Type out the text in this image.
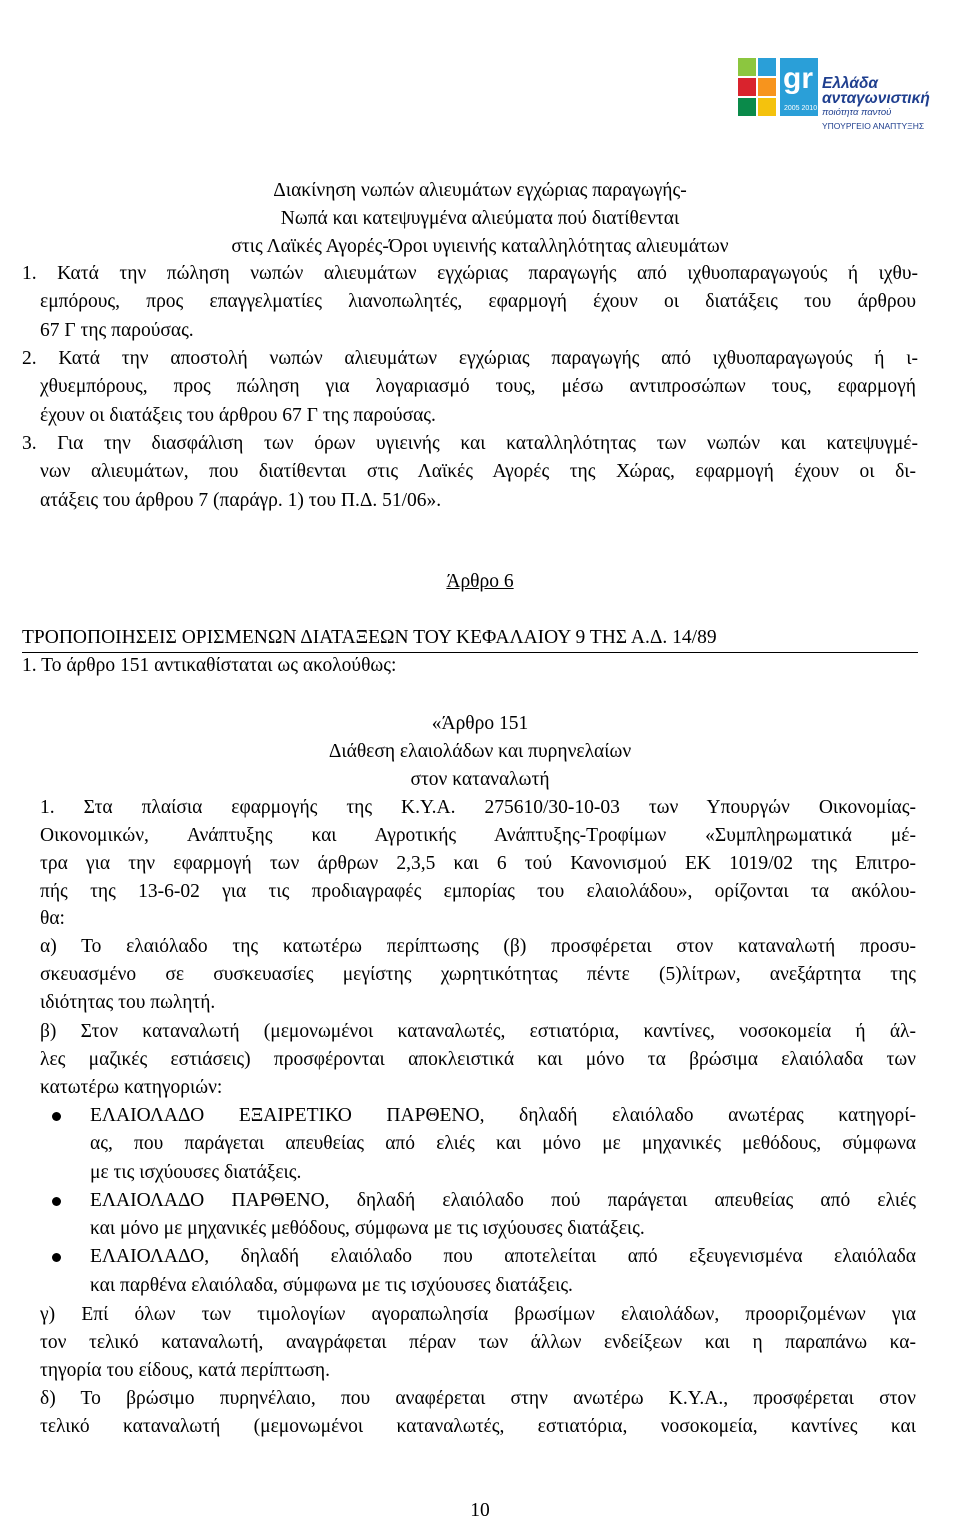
gr
2005 2010
Ελλάδα
ανταγωνιστική
ποιότητα παντού
ΥΠΟΥΡΓΕΙΟ ΑΝΑΠΤΥΞΗΣ
Διακίνηση νωπών αλιευμάτων εγχώριας παραγωγής-
Νωπά και κατεψυγμένα αλιεύματα πού διατίθενται
στις Λαϊκές Αγορές-Όροι υγιεινής καταλληλότητας αλιευμάτων
1. Κατά την πώληση νωπών αλιευμάτων εγχώριας παραγωγής από ιχθυοπαραγωγούς ή ιχθυ-
εμπόρους, προς επαγγελματίες λιανοπωλητές, εφαρμογή έχουν οι διατάξεις του άρθρου
67 Γ της παρούσας.
2. Κατά την αποστολή νωπών αλιευμάτων εγχώριας παραγωγής από ιχθυοπαραγωγούς ή ι-
χθυεμπόρους, προς πώληση για λογαριασμό τους, μέσω αντιπροσώπων τους, εφαρμογή
έχουν οι διατάξεις του άρθρου 67 Γ της παρούσας.
3. Για την διασφάλιση των όρων υγιεινής και καταλληλότητας των νωπών και κατεψυγμέ-
νων αλιευμάτων, που διατίθενται στις Λαϊκές Αγορές της Χώρας, εφαρμογή έχουν οι δι-
ατάξεις του άρθρου 7 (παράγρ. 1) του Π.Δ. 51/06».
Άρθρο 6
ΤΡΟΠΟΠΟΙΗΣΕΙΣ ΟΡΙΣΜΕΝΩΝ ΔΙΑΤΑΞΕΩΝ ΤΟΥ ΚΕΦΑΛΑΙΟΥ 9 ΤΗΣ Α.Δ. 14/89
1. Το άρθρο 151 αντικαθίσταται ως ακολούθως:
«Άρθρο 151
Διάθεση ελαιολάδων και πυρηνελαίων
στον καταναλωτή
1. Στα πλαίσια εφαρμογής της Κ.Υ.Α. 275610/30-10-03 των Υπουργών Οικονομίας-
Οικονομικών, Ανάπτυξης και Αγροτικής Ανάπτυξης-Τροφίμων «Συμπληρωματικά μέ-
τρα για την εφαρμογή των άρθρων 2,3,5 και 6 τού Κανονισμού ΕΚ 1019/02 της Επιτρο-
πής της 13-6-02 για τις προδιαγραφές εμπορίας του ελαιολάδου», ορίζονται τα ακόλου-
θα:
α) Το ελαιόλαδο της κατωτέρω περίπτωσης (β) προσφέρεται στον καταναλωτή προσυ-
σκευασμένο σε συσκευασίες μεγίστης χωρητικότητας πέντε (5)λίτρων, ανεξάρτητα της
ιδιότητας του πωλητή.
β) Στον καταναλωτή (μεμονωμένοι καταναλωτές, εστιατόρια, καντίνες, νοσοκομεία ή άλ-
λες μαζικές εστιάσεις) προσφέρονται αποκλειστικά και μόνο τα βρώσιμα ελαιόλαδα των
κατωτέρω κατηγοριών:
ΕΛΑΙΟΛΑΔΟ ΕΞΑΙΡΕΤΙΚΟ ΠΑΡΘΕΝΟ, δηλαδή ελαιόλαδο ανωτέρας κατηγορί-
ας, που παράγεται απευθείας από ελιές και μόνο με μηχανικές μεθόδους, σύμφωνα
με τις ισχύουσες διατάξεις.
ΕΛΑΙΟΛΑΔΟ ΠΑΡΘΕΝΟ, δηλαδή ελαιόλαδο πού παράγεται απευθείας από ελιές
και μόνο με μηχανικές μεθόδους, σύμφωνα με τις ισχύουσες διατάξεις.
ΕΛΑΙΟΛΑΔΟ, δηλαδή ελαιόλαδο που αποτελείται από εξευγενισμένα ελαιόλαδα
και παρθένα ελαιόλαδα, σύμφωνα με τις ισχύουσες διατάξεις.
γ) Επί όλων των τιμολογίων αγοραπωλησία βρωσίμων ελαιολάδων, προοριζομένων για
τον τελικό καταναλωτή, αναγράφεται πέραν των άλλων ενδείξεων και η παραπάνω κα-
τηγορία του είδους, κατά περίπτωση.
δ) Το βρώσιμο πυρηνέλαιο, που αναφέρεται στην ανωτέρω Κ.Υ.Α., προσφέρεται στον
τελικό καταναλωτή (μεμονωμένοι καταναλωτές, εστιατόρια, νοσοκομεία, καντίνες και
10
